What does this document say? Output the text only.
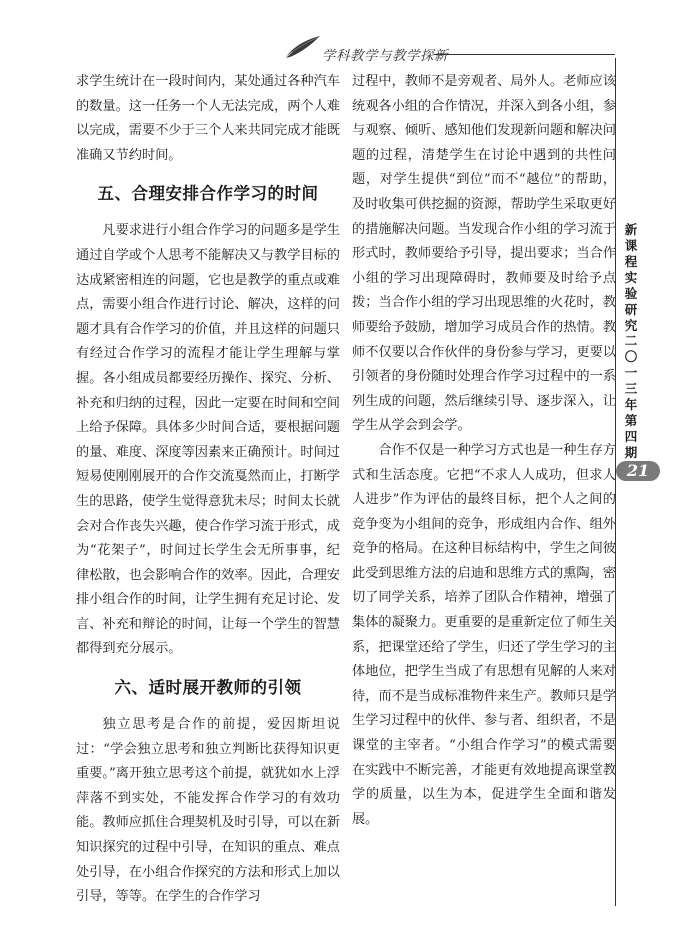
学科教学与教学探新

求学生统计在一段时间内，某处通过各种汽车的数量。这一任务一个人无法完成，两个人难以完成，需要不少于三个人来共同完成才能既准确又节约时间。

五、合理安排合作学习的时间

凡要求进行小组合作学习的问题多是学生通过自学或个人思考不能解决又与教学目标的达成紧密相连的问题，它也是教学的重点或难点，需要小组合作进行讨论、解决，这样的问题才具有合作学习的价值，并且这样的问题只有经过合作学习的流程才能让学生理解与掌握。各小组成员都要经历操作、探究、分析、补充和归纳的过程，因此一定要在时间和空间上给予保障。具体多少时间合适，要根据问题的量、难度、深度等因素来正确预计。时间过短易使刚刚展开的合作交流戛然而止，打断学生的思路，使学生觉得意犹未尽；时间太长就会对合作丧失兴趣，使合作学习流于形式，成为“花架子”，时间过长学生会无所事事，纪律松散，也会影响合作的效率。因此，合理安排小组合作的时间，让学生拥有充足讨论、发言、补充和辩论的时间，让每一个学生的智慧都得到充分展示。

六、适时展开教师的引领

独立思考是合作的前提，爱因斯坦说过：“学会独立思考和独立判断比获得知识更重要。”离开独立思考这个前提，就犹如水上浮萍落不到实处，不能发挥合作学习的有效功能。教师应抓住合理契机及时引导，可以在新知识探究的过程中引导，在知识的重点、难点处引导，在小组合作探究的方法和形式上加以引导，等等。在学生的合作学习

过程中，教师不是旁观者、局外人。老师应该统观各小组的合作情况，并深入到各小组，参与观察、倾听、感知他们发现新问题和解决问题的过程，清楚学生在讨论中遇到的共性问题，对学生提供“到位”而不“越位”的帮助，及时收集可供挖掘的资源，帮助学生采取更好的措施解决问题。当发现合作小组的学习流于形式时，教师要给予引导，提出要求；当合作小组的学习出现障碍时，教师要及时给予点拨；当合作小组的学习出现思维的火花时，教师要给予鼓励，增加学习成员合作的热情。教师不仅要以合作伙伴的身份参与学习，更要以引领者的身份随时处理合作学习过程中的一系列生成的问题，然后继续引导、逐步深入，让学生从学会到会学。

合作不仅是一种学习方式也是一种生存方式和生活态度。它把“不求人人成功，但求人人进步”作为评估的最终目标，把个人之间的竞争变为小组间的竞争，形成组内合作、组外竞争的格局。在这种目标结构中，学生之间彼此受到思维方法的启迪和思维方式的熏陶，密切了同学关系，培养了团队合作精神，增强了集体的凝聚力。更重要的是重新定位了师生关系，把课堂还给了学生，归还了学生学习的主体地位，把学生当成了有思想有见解的人来对待，而不是当成标准物件来生产。教师只是学生学习过程中的伙伴、参与者、组织者，不是课堂的主宰者。“小组合作学习”的模式需要在实践中不断完善，才能更有效地提高课堂教学的质量，以生为本，促进学生全面和谐发展。

新
课
程
实
验
研
究
二
〇
一
三
年
第
四
期
21
